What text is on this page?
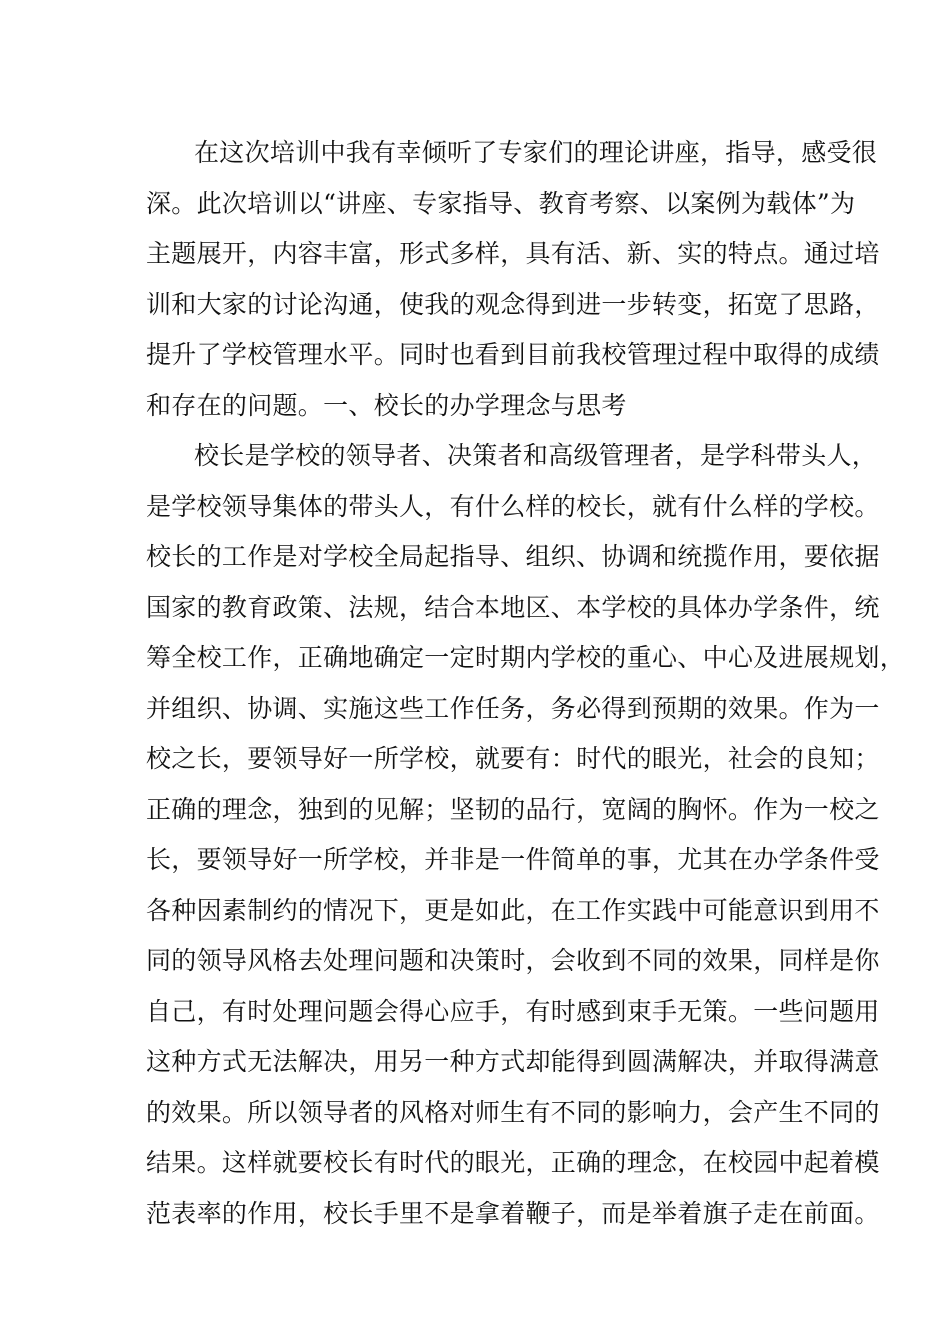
在这次培训中我有幸倾听了专家们的理论讲座，指导，感受很
深。此次培训以“讲座、专家指导、教育考察、以案例为载体”为
主题展开，内容丰富，形式多样，具有活、新、实的特点。通过培
训和大家的讨论沟通，使我的观念得到进一步转变，拓宽了思路，
提升了学校管理水平。同时也看到目前我校管理过程中取得的成绩
和存在的问题。一、校长的办学理念与思考
校长是学校的领导者、决策者和高级管理者，是学科带头人，
是学校领导集体的带头人，有什么样的校长，就有什么样的学校。
校长的工作是对学校全局起指导、组织、协调和统揽作用，要依据
国家的教育政策、法规，结合本地区、本学校的具体办学条件，统
筹全校工作，正确地确定一定时期内学校的重心、中心及进展规划，
并组织、协调、实施这些工作任务，务必得到预期的效果。作为一
校之长，要领导好一所学校，就要有：时代的眼光，社会的良知；
正确的理念，独到的见解；坚韧的品行，宽阔的胸怀。作为一校之
长，要领导好一所学校，并非是一件简单的事，尤其在办学条件受
各种因素制约的情况下，更是如此，在工作实践中可能意识到用不
同的领导风格去处理问题和决策时，会收到不同的效果，同样是你
自己，有时处理问题会得心应手，有时感到束手无策。一些问题用
这种方式无法解决，用另一种方式却能得到圆满解决，并取得满意
的效果。所以领导者的风格对师生有不同的影响力，会产生不同的
结果。这样就要校长有时代的眼光，正确的理念，在校园中起着模
范表率的作用，校长手里不是拿着鞭子，而是举着旗子走在前面。
